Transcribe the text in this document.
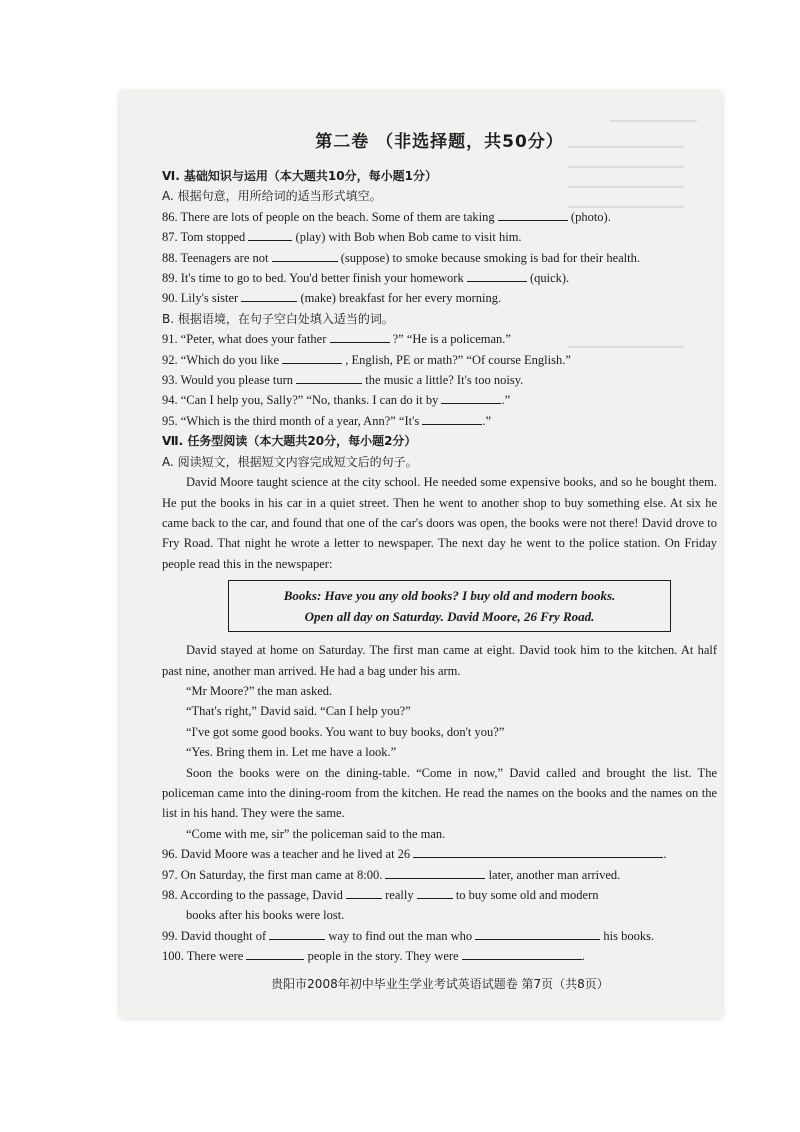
━━━━━━━━━━━━
━━━━━━━━━━━━━━━━
━━━━━━━━━━━━━━━━
━━━━━━━━━━━━━━━━
━━━━━━━━━━━━━━━━
━━━━━━━━━━━━━━━━
第二卷 （非选择题，共50分）
Ⅵ. 基础知识与运用（本大题共10分，每小题1分）
A. 根据句意，用所给词的适当形式填空。
86. There are lots of people on the beach. Some of them are taking	(photo).
87. Tom stopped	(play) with Bob when Bob came to visit him.
88. Teenagers are not	(suppose) to smoke because smoking is bad for their health.
89. It's time to go to bed. You'd better finish your homework	(quick).
90. Lily's sister	(make) breakfast for her every morning.
B. 根据语境，在句子空白处填入适当的词。
91. “Peter, what does your father	?” “He is a policeman.”
92. “Which do you like	, English, PE or math?” “Of course English.”
93. Would you please turn	the music a little? It's too noisy.
94. “Can I help you, Sally?” “No, thanks. I can do it by	.”
95. “Which is the third month of a year, Ann?” “It's	.”
Ⅶ. 任务型阅读（本大题共20分，每小题2分）
A. 阅读短文，根据短文内容完成短文后的句子。
David Moore taught science at the city school. He needed some expensive books, and so he bought them. He put the books in his car in a quiet street. Then he went to another shop to buy something else. At six he came back to the car, and found that one of the car's doors was open, the books were not there! David drove to Fry Road. That night he wrote a letter to newspaper. The next day he went to the police station. On Friday people read this in the newspaper:
Books: Have you any old books? I buy old and modern books.
Open all day on Saturday. David Moore, 26 Fry Road.
David stayed at home on Saturday. The first man came at eight. David took him to the kitchen. At half past nine, another man arrived. He had a bag under his arm.
“Mr Moore?” the man asked.
“That's right,” David said. “Can I help you?”
“I've got some good books. You want to buy books, don't you?”
“Yes. Bring them in. Let me have a look.”
Soon the books were on the dining-table. “Come in now,” David called and brought the list. The policeman came into the dining-room from the kitchen. He read the names on the books and the names on the list in his hand. They were the same.
“Come with me, sir” the policeman said to the man.
96. David Moore was a teacher and he lived at 26	.
97. On Saturday, the first man came at 8:00.	later, another man arrived.
98. According to the passage, David	really	to buy some old and modern
books after his books were lost.
99. David thought of	way to find out the man who	his books.
100. There were	people in the story. They were	.
贵阳市2008年初中毕业生学业考试英语试题卷 第7页（共8页）
